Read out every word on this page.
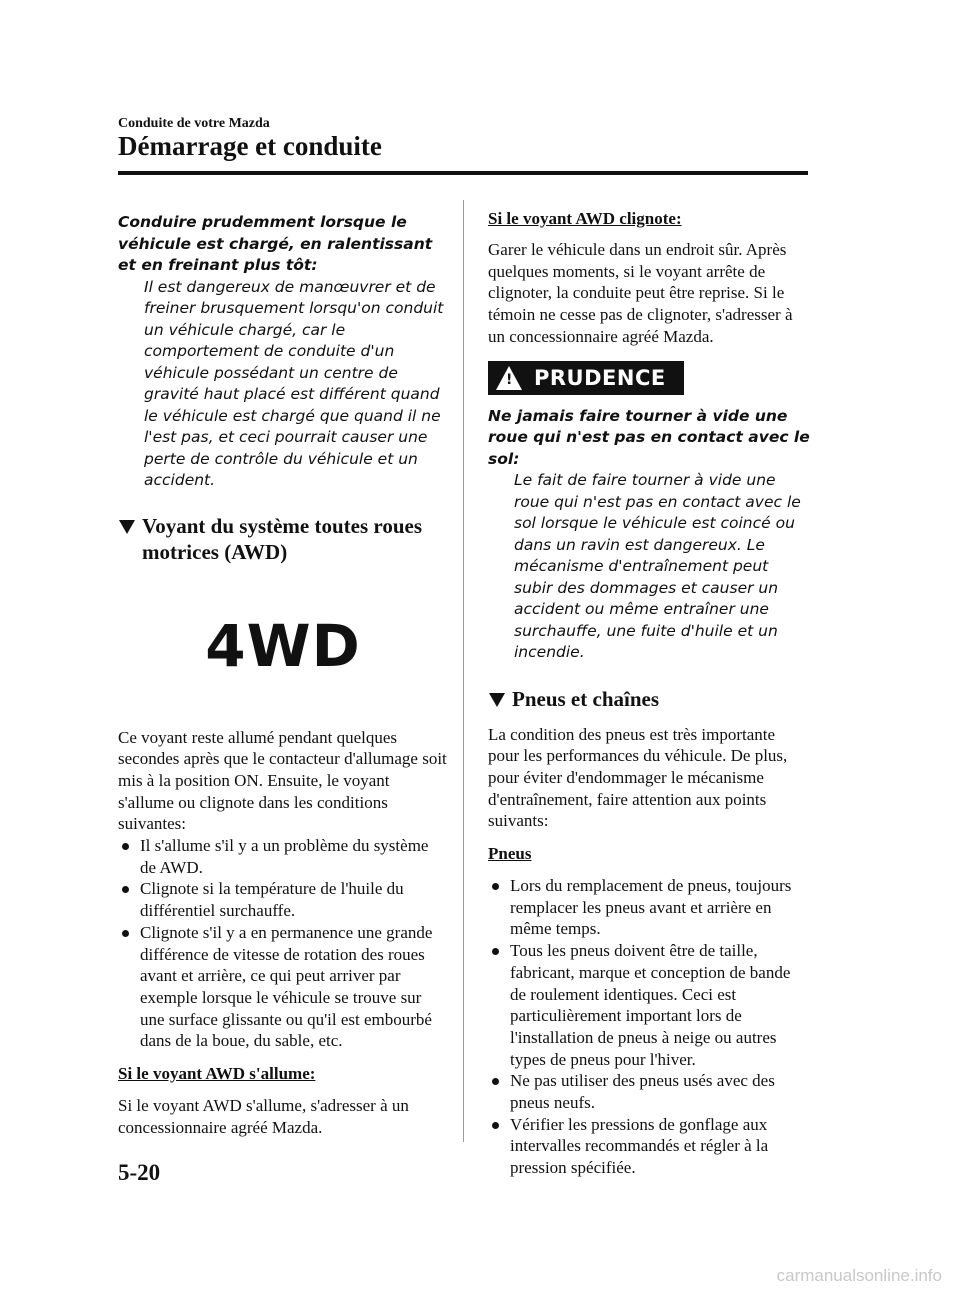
Conduite de votre Mazda
Démarrage et conduite

Conduire prudemment lorsque le véhicule est chargé, en ralentissant et en freinant plus tôt:

Il est dangereux de manœuvrer et de freiner brusquement lorsqu'on conduit un véhicule chargé, car le comportement de conduite d'un véhicule possédant un centre de gravité haut placé est différent quand le véhicule est chargé que quand il ne l'est pas, et ceci pourrait causer une perte de contrôle du véhicule et un accident.

Voyant du système toutes roues motrices (AWD)
4WD

Ce voyant reste allumé pendant quelques secondes après que le contacteur d'allumage soit mis à la position ON. Ensuite, le voyant s'allume ou clignote dans les conditions suivantes:

Il s'allume s'il y a un problème du système de AWD.
Clignote si la température de l'huile du différentiel surchauffe.
Clignote s'il y a en permanence une grande différence de vitesse de rotation des roues avant et arrière, ce qui peut arriver par exemple lorsque le véhicule se trouve sur une surface glissante ou qu'il est embourbé dans de la boue, du sable, etc.

Si le voyant AWD s'allume:

Si le voyant AWD s'allume, s'adresser à un concessionnaire agréé Mazda.

Si le voyant AWD clignote:

Garer le véhicule dans un endroit sûr. Après quelques moments, si le voyant arrête de clignoter, la conduite peut être reprise. Si le témoin ne cesse pas de clignoter, s'adresser à un concessionnaire agréé Mazda.

! PRUDENCE

Ne jamais faire tourner à vide une roue qui n'est pas en contact avec le sol:

Le fait de faire tourner à vide une roue qui n'est pas en contact avec le sol lorsque le véhicule est coincé ou dans un ravin est dangereux. Le mécanisme d'entraînement peut subir des dommages et causer un accident ou même entraîner une surchauffe, une fuite d'huile et un incendie.

Pneus et chaînes

La condition des pneus est très importante pour les performances du véhicule. De plus, pour éviter d'endommager le mécanisme d'entraînement, faire attention aux points suivants:

Pneus

Lors du remplacement de pneus, toujours remplacer les pneus avant et arrière en même temps.
Tous les pneus doivent être de taille, fabricant, marque et conception de bande de roulement identiques. Ceci est particulièrement important lors de l'installation de pneus à neige ou autres types de pneus pour l'hiver.
Ne pas utiliser des pneus usés avec des pneus neufs.
Vérifier les pressions de gonflage aux intervalles recommandés et régler à la pression spécifiée.
5-20
carmanualsonline.info
